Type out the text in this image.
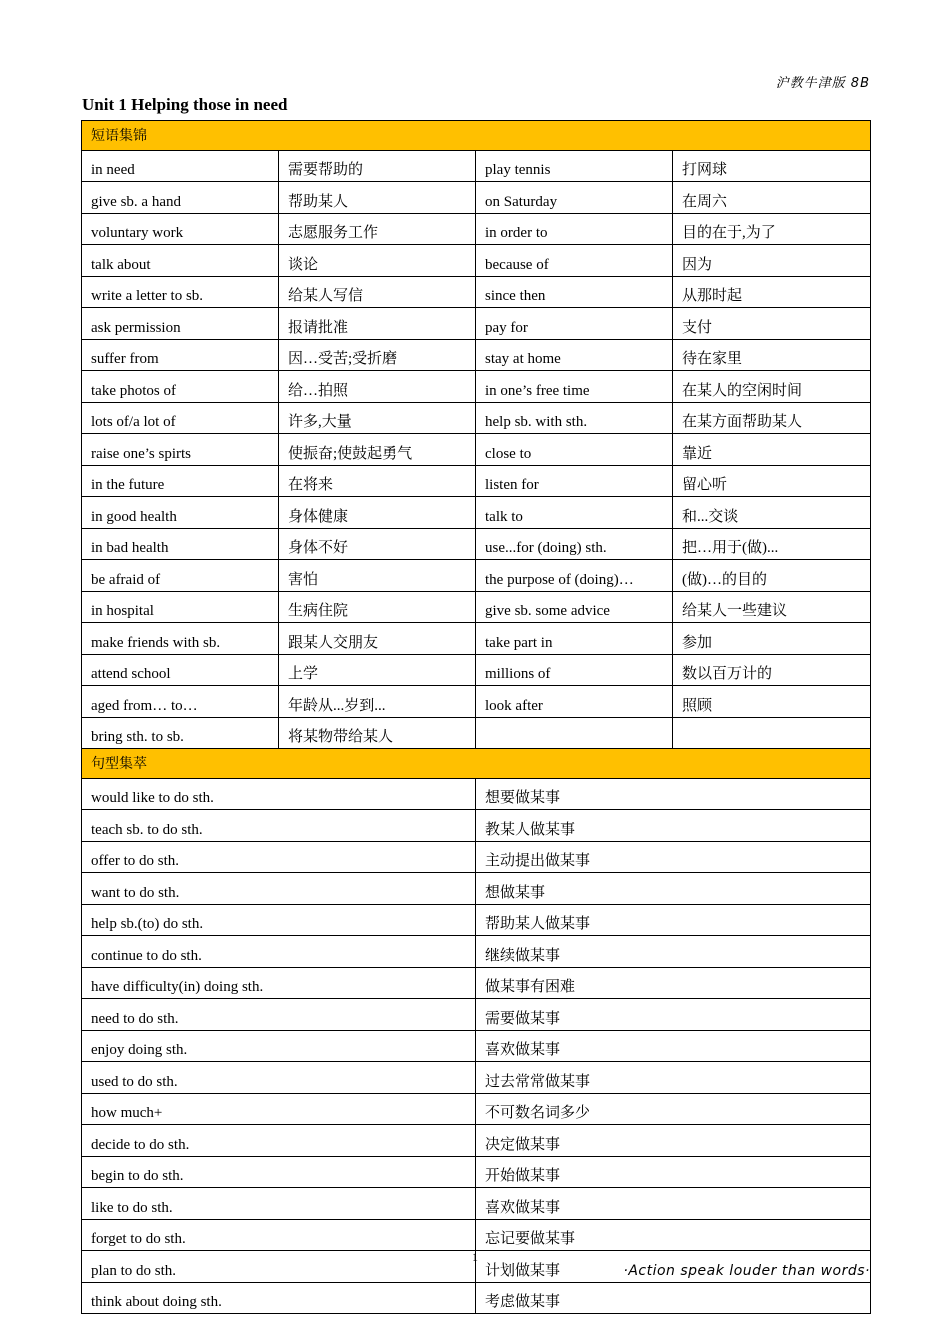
沪教牛津版 8B
Unit 1 Helping those in need
短语集锦			
in need	需要帮助的	play tennis	打网球
give sb. a hand	帮助某人	on Saturday	在周六
voluntary work	志愿服务工作	in order to	目的在于,为了
talk about	谈论	because of	因为
write a letter to sb.	给某人写信	since then	从那时起
ask permission	报请批准	pay for	支付
suffer from	因…受苦;受折磨	stay at home	待在家里
take photos of	给…拍照	in one’s free time	在某人的空闲时间
lots of/a lot of	许多,大量	help sb. with sth.	在某方面帮助某人
raise one’s spirts	使振奋;使鼓起勇气	close to	靠近
in the future	在将来	listen for	留心听
in good health	身体健康	talk to	和...交谈
in bad health	身体不好	use...for (doing) sth.	把…用于(做)...
be afraid of	害怕	the purpose of (doing)…	(做)…的目的
in hospital	生病住院	give sb. some advice	给某人一些建议
make friends with sb.	跟某人交朋友	take part in	参加
attend school	上学	millions of	数以百万计的
aged from… to…	年龄从...岁到...	look after	照顾
bring sth. to sb.	将某物带给某人		
句型集萃			
would like to do sth.		想要做某事	
teach sb. to do sth.		教某人做某事	
offer to do sth.		主动提出做某事	
want to do sth.		想做某事	
help sb.(to) do sth.		帮助某人做某事	
continue to do sth.		继续做某事	
have difficulty(in) doing sth.		做某事有困难	
need to do sth.		需要做某事	
enjoy doing sth.		喜欢做某事	
used to do sth.		过去常常做某事	
how much+		不可数名词多少	
decide to do sth.		决定做某事	
begin to do sth.		开始做某事	
like to do sth.		喜欢做某事	
forget to do sth.		忘记要做某事	
plan to do sth.		计划做某事	
think about doing sth.		考虑做某事	
1
·Action speak louder than words·
